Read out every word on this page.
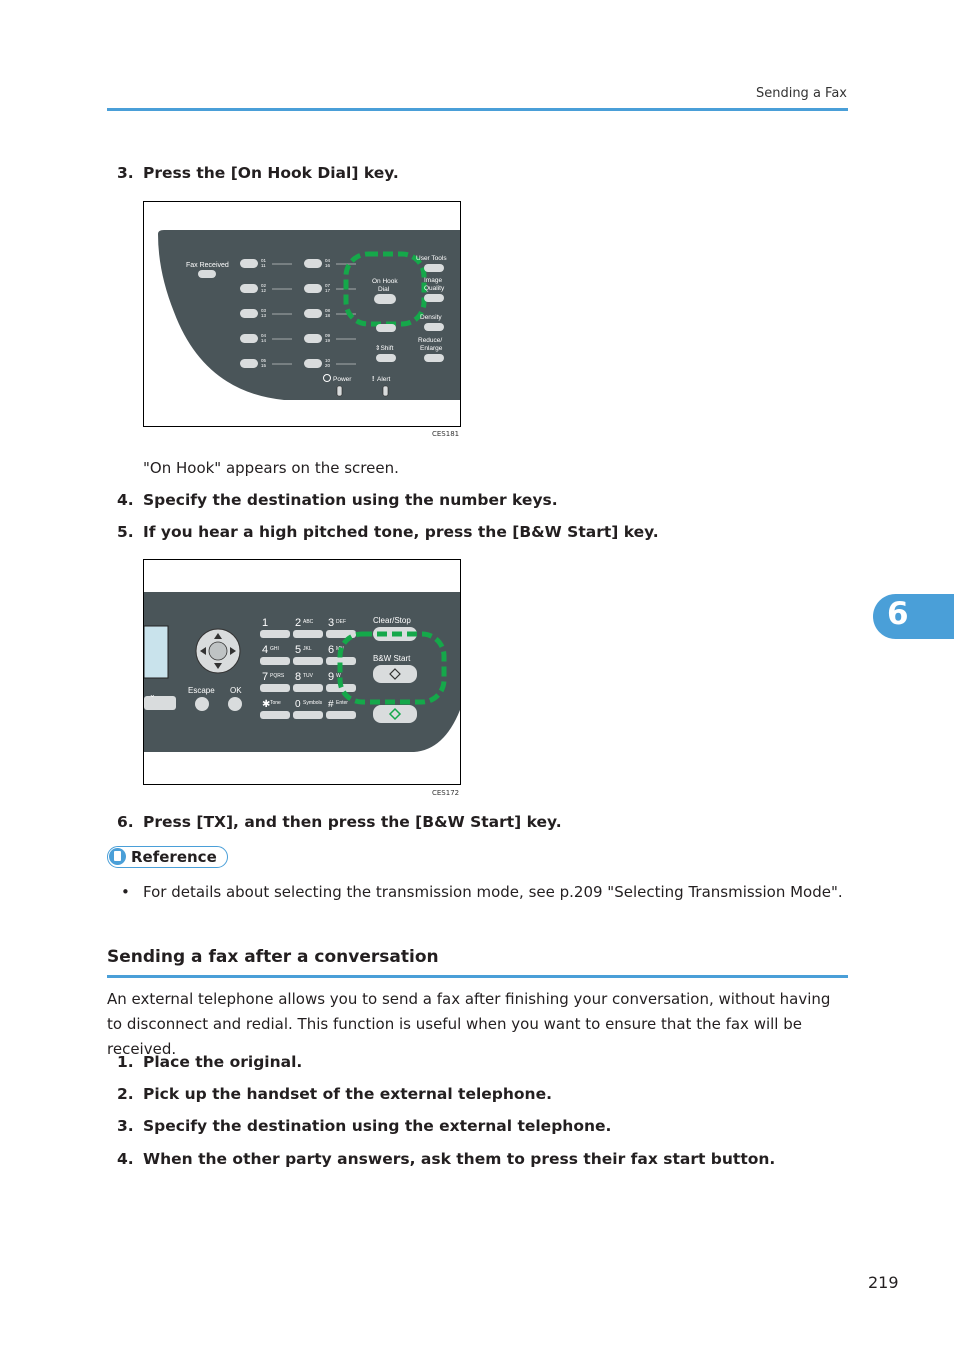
Sending a Fax
6
3. Press the [On Hook Dial] key.
Fax Received
01
11
04
16
02
12
07
17
03
13
08
18
04
14
09
19
05
15
10
20
On Hook
Dial
User Tools
Image
Quality
Density
⇕Shift
Reduce/
Enlarge
Power	! Alert
CES181
"On Hook" appears on the screen.
4. Specify the destination using the number keys.
5. If you hear a high pitched tone, press the [B&W Start] key.
⌄	Escape OK
1 2 ABC 3 DEF
4 GHI 5 JKL 6 MN
7 PQRS 8 TUV 9 W
✱ Tone 0 Symbols # Enter
Clear/Stop
B&W Start
CES172
6. Press [TX], and then press the [B&W Start] key.
Reference
• For details about selecting the transmission mode, see p.209 "Selecting Transmission Mode".
Sending a fax after a conversation
An external telephone allows you to send a fax after finishing your conversation, without having to disconnect and redial. This function is useful when you want to ensure that the fax will be received.
1. Place the original.
2. Pick up the handset of the external telephone.
3. Specify the destination using the external telephone.
4. When the other party answers, ask them to press their fax start button.
219
